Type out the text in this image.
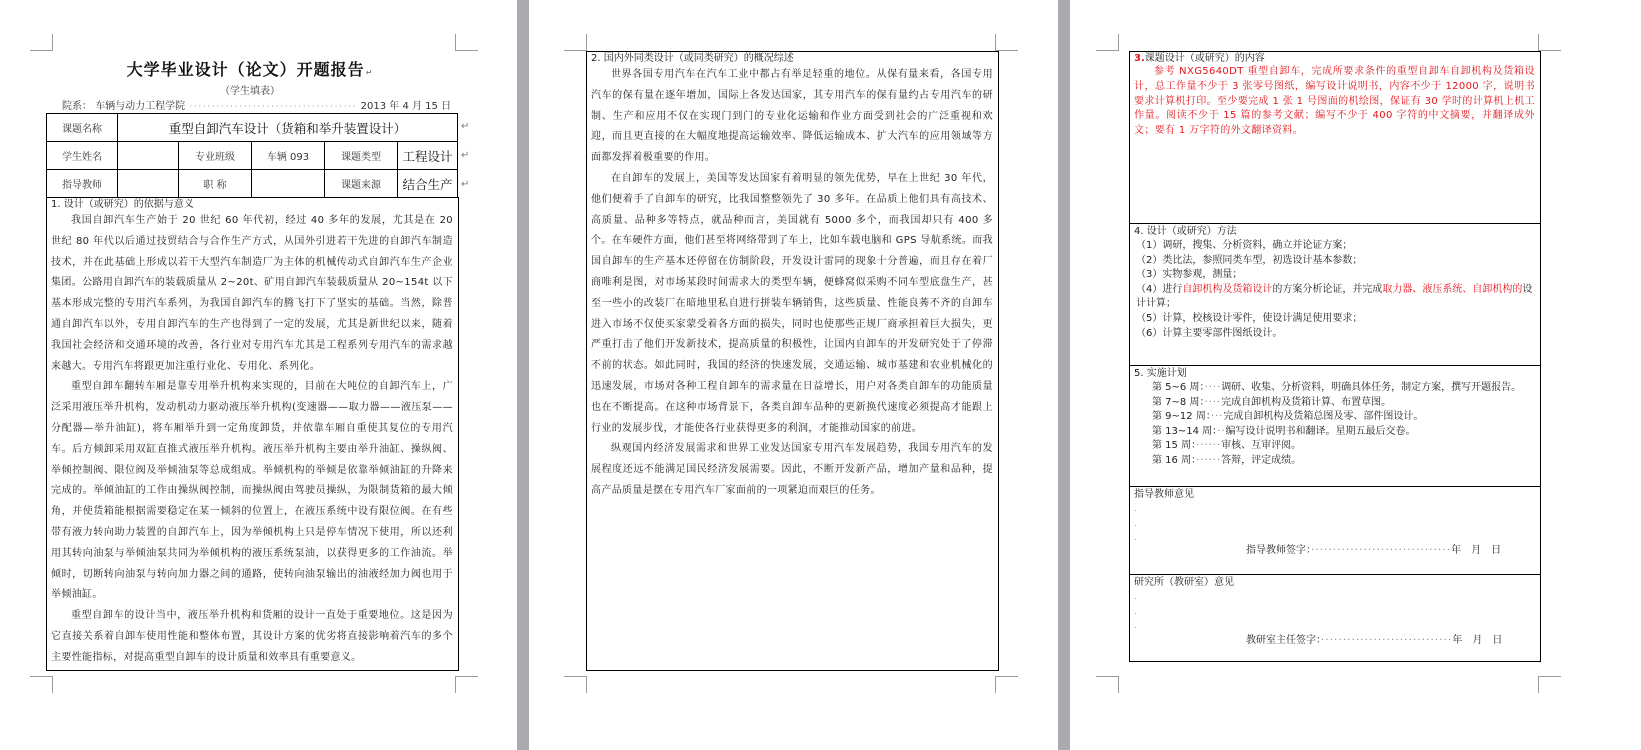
大学毕业设计（论文）开题报告↵
（学生填表）
院系： 车辆与动力工程学院 ····································· 2013 年 4 月 15 日
课题名称	重型自卸汽车设计（货箱和举升装置设计）				
学生姓名		专业班级	车辆 093	课题类型	工程设计
指导教师		职 称		课题来源	结合生产
↵
↵
↵
1. 设计（或研究）的依据与意义

我国自卸汽车生产始于 20 世纪 60 年代初，经过 40 多年的发展，尤其是在 20 世纪 80 年代以后通过技贸结合与合作生产方式，从国外引进若干先进的自卸汽车制造技术，并在此基础上形成以若干大型汽车制造厂为主体的机械传动式自卸汽车生产企业集团。公路用自卸汽车的装载质量从 2~20t、矿用自卸汽车装载质量从 20~154t 以下基本形成完整的专用汽车系列，为我国自卸汽车的腾飞打下了坚实的基础。当然，除普通自卸汽车以外，专用自卸汽车的生产也得到了一定的发展，尤其是新世纪以来，随着我国社会经济和交通环境的改善，各行业对专用汽车尤其是工程系列专用汽车的需求越来越大。专用汽车将跟更加注重行业化、专用化、系列化。

重型自卸车翻转车厢是靠专用举升机构来实现的，目前在大吨位的自卸汽车上，广泛采用液压举升机构，发动机动力驱动液压举升机构(变速器——取力器——液压泵——分配器—举升油缸)，将车厢举升到一定角度卸货，并依靠车厢自重使其复位的专用汽车。后方倾卸采用双缸直推式液压举升机构。液压举升机构主要由举升油缸、操纵阀、举倾控制阀、限位阀及举倾油泵等总成组成。举倾机构的举倾是依靠举倾油缸的升降来完成的。举倾油缸的工作由操纵阀控制，而操纵阀由驾驶员操纵，为限制货箱的最大倾角，并使货箱能根据需要稳定在某一倾斜的位置上，在液压系统中设有限位阀。在有些带有液力转向助力装置的自卸汽车上，因为举倾机构上只是停车情况下使用，所以还利用其转向油泵与举倾油泵共同为举倾机构的液压系统泵油，以获得更多的工作油流。举倾时，切断转向油泵与转向加力器之间的通路，使转向油泵输出的油液经加力阀也用于举倾油缸。

重型自卸车的设计当中，液压举升机构和货厢的设计一直处于重要地位。这是因为它直接关系着自卸车使用性能和整体布置，其设计方案的优劣将直接影响着汽车的多个主要性能指标，对提高重型自卸车的设计质量和效率具有重要意义。

2. 国内外同类设计（或同类研究）的概况综述

世界各国专用汽车在汽车工业中都占有举足轻重的地位。从保有量来看，各国专用汽车的保有量在逐年增加，国际上各发达国家，其专用汽车的保有量约占专用汽车的研制、生产和应用不仅在实现门到门的专业化运输和作业方面受到社会的广泛重视和欢迎，而且更直接的在大幅度地提高运输效率、降低运输成本、扩大汽车的应用领域等方面都发挥着极重要的作用。

在自卸车的发展上，美国等发达国家有着明显的领先优势，早在上世纪 30 年代，他们便着手了自卸车的研究，比我国整整领先了 30 多年。在品质上他们具有高技术、高质量、品种多等特点，就品种而言，美国就有 5000 多个，而我国却只有 400 多个。在车硬件方面，他们甚至将网络带到了车上，比如车载电脑和 GPS 导航系统。而我国自卸车的生产基本还停留在仿制阶段，开发设计雷同的现象十分普遍，而且存在着厂商唯利是图，对市场某段时间需求大的类型车辆，便蜂窝似采购不同车型底盘生产，甚至一些小的改装厂在暗地里私自进行拼装车辆销售，这些质量、性能良莠不齐的自卸车进入市场不仅使买家蒙受着各方面的损失，同时也使那些正规厂商承担着巨大损失，更严重打击了他们开发新技术，提高质量的积极性，让国内自卸车的开发研究处于了停滞不前的状态。如此同时，我国的经济的快速发展，交通运输、城市基建和农业机械化的迅速发展，市场对各种工程自卸车的需求量在日益增长，用户对各类自卸车的功能质量也在不断提高。在这种市场背景下，各类自卸车品种的更新换代速度必须提高才能跟上行业的发展步伐，才能使各行业获得更多的利润，才能推动国家的前进。

纵观国内经济发展需求和世界工业发达国家专用汽车发展趋势，我国专用汽车的发展程度还远不能满足国民经济发展需要。因此，不断开发新产品，增加产量和品种，提高产品质量是摆在专用汽车厂家面前的一项紧迫而艰巨的任务。

3.课题设计（或研究）的内容

参考 NXG5640DT 重型自卸车，完成所要求条件的重型自卸车自卸机构及货箱设计，总工作量不少于 3 张零号图纸，编写设计说明书，内容不少于 12000 字，说明书要求计算机打印。至少要完成 1 张 1 号图面的机绘图，保证有 30 学时的计算机上机工作量。阅读不少于 15 篇的参考文献；编写不少于 400 字符的中文摘要，并翻译成外文；要有 1 万字符的外文翻译资料。

4. 设计（或研究）方法
（1）调研，搜集、分析资料，确立并论证方案；
（2）类比法，参照同类车型，初选设计基本参数；
（3）实物参观，测量；
（4）进行自卸机构及货箱设计的方案分析论证，并完成取力器、液压系统、自卸机构的设计计算；
（5）计算，校核设计零件，使设计满足使用要求；
（6）计算主要零部件图纸设计。
5. 实施计划
第 5~6 周：····调研、收集、分析资料，明确具体任务，制定方案，撰写开题报告。
第 7~8 周：····完成自卸机构及货箱计算、布置草图。
第 9~12 周：···完成自卸机构及货箱总图及零、部件图设计。
第 13~14 周：··编写设计说明书和翻译。星期五最后交卷。
第 15 周：······审核、互审评阅。
第 16 周：······答辩，评定成绩。
指导教师意见
.
.
.
指导教师签字：································年　月　日
研究所（教研室）意见
.
.
.
教研室主任签字：······························年　月　日
